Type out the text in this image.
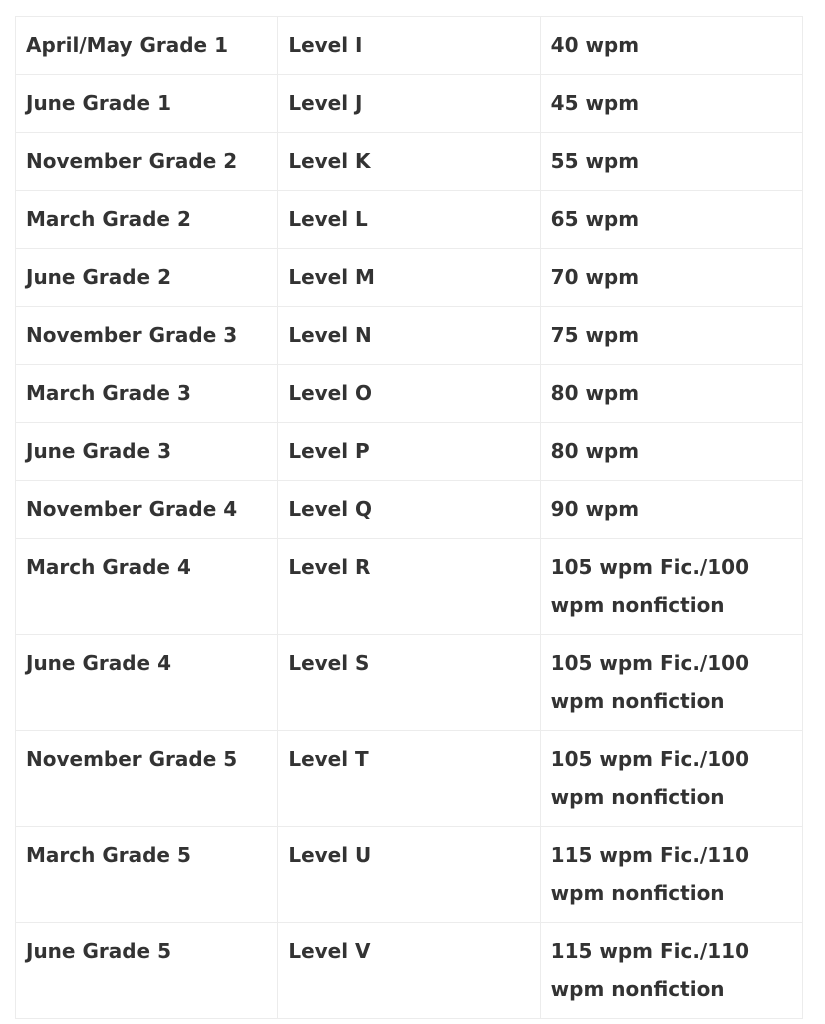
April/May Grade 1	Level I	40 wpm
June Grade 1	Level J	45 wpm
November Grade 2	Level K	55 wpm
March Grade 2	Level L	65 wpm
June Grade 2	Level M	70 wpm
November Grade 3	Level N	75 wpm
March Grade 3	Level O	80 wpm
June Grade 3	Level P	80 wpm
November Grade 4	Level Q	90 wpm
March Grade 4	Level R	105 wpm Fic./100 wpm nonfiction
June Grade 4	Level S	105 wpm Fic./100 wpm nonfiction
November Grade 5	Level T	105 wpm Fic./100 wpm nonfiction
March Grade 5	Level U	115 wpm Fic./110 wpm nonfiction
June Grade 5	Level V	115 wpm Fic./110 wpm nonfiction
